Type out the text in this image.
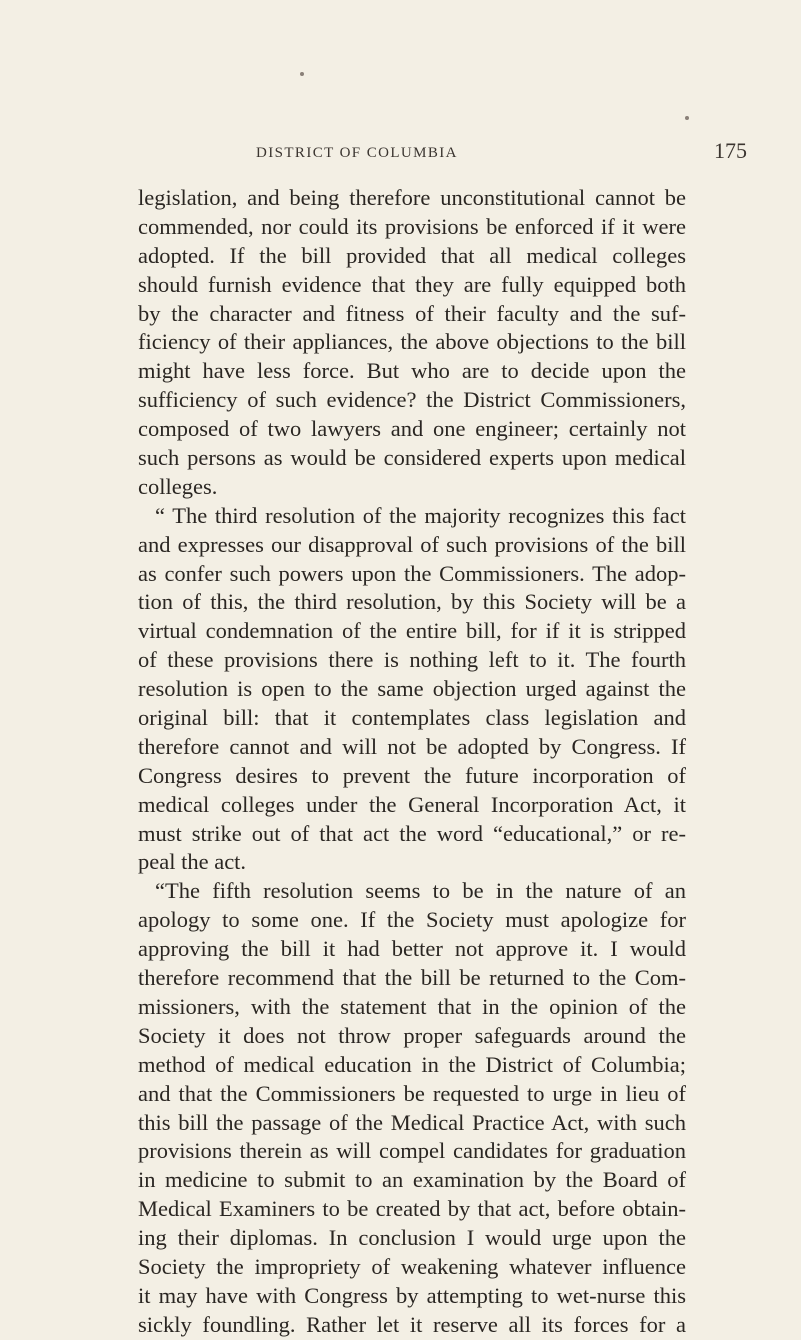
DISTRICT OF COLUMBIA	175
legislation, and being therefore unconstitutional cannot be
commended, nor could its provisions be enforced if it were
adopted. If the bill provided that all medical colleges
should furnish evidence that they are fully equipped both
by the character and fitness of their faculty and the suf-
ficiency of their appliances, the above objections to the bill
might have less force. But who are to decide upon the
sufficiency of such evidence? the District Commissioners,
composed of two lawyers and one engineer; certainly not
such persons as would be considered experts upon medical
colleges.
“ The third resolution of the majority recognizes this fact
and expresses our disapproval of such provisions of the bill
as confer such powers upon the Commissioners. The adop-
tion of this, the third resolution, by this Society will be a
virtual condemnation of the entire bill, for if it is stripped
of these provisions there is nothing left to it. The fourth
resolution is open to the same objection urged against the
original bill: that it contemplates class legislation and
therefore cannot and will not be adopted by Congress. If
Congress desires to prevent the future incorporation of
medical colleges under the General Incorporation Act, it
must strike out of that act the word “educational,” or re-
peal the act.
“The fifth resolution seems to be in the nature of an
apology to some one. If the Society must apologize for
approving the bill it had better not approve it. I would
therefore recommend that the bill be returned to the Com-
missioners, with the statement that in the opinion of the
Society it does not throw proper safeguards around the
method of medical education in the District of Columbia;
and that the Commissioners be requested to urge in lieu of
this bill the passage of the Medical Practice Act, with such
provisions therein as will compel candidates for graduation
in medicine to submit to an examination by the Board of
Medical Examiners to be created by that act, before obtain-
ing their diplomas. In conclusion I would urge upon the
Society the impropriety of weakening whatever influence
it may have with Congress by attempting to wet-nurse this
sickly foundling. Rather let it reserve all its forces for a
